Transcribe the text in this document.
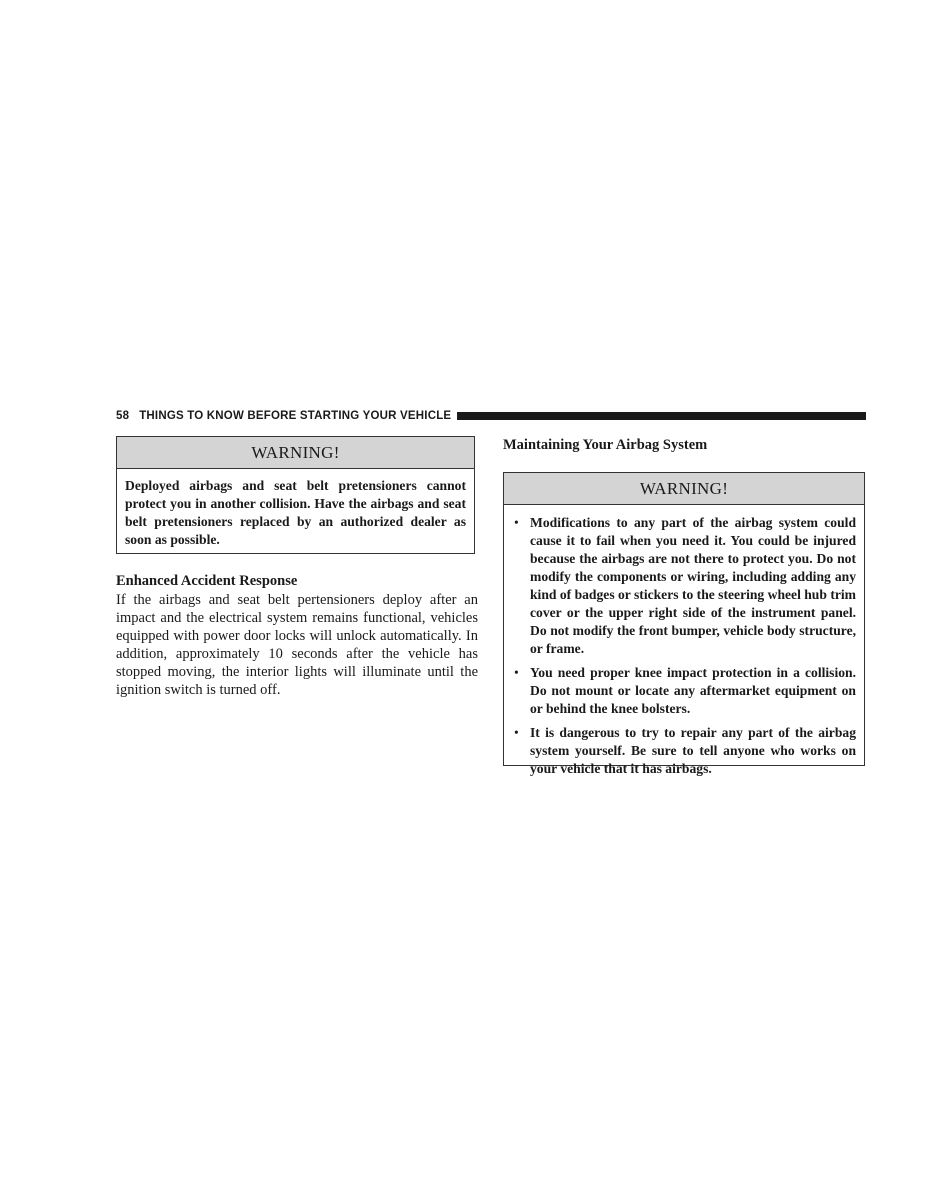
58 THINGS TO KNOW BEFORE STARTING YOUR VEHICLE
WARNING!
Deployed airbags and seat belt pretensioners cannot protect you in another collision. Have the airbags and seat belt pretensioners replaced by an authorized dealer as soon as possible.
Enhanced Accident Response
If the airbags and seat belt pertensioners deploy after an impact and the electrical system remains functional, vehicles equipped with power door locks will unlock automatically. In addition, approximately 10 seconds after the vehicle has stopped moving, the interior lights will illuminate until the ignition switch is turned off.
Maintaining Your Airbag System
WARNING!
• Modifications to any part of the airbag system could cause it to fail when you need it. You could be injured because the airbags are not there to protect you. Do not modify the components or wiring, including adding any kind of badges or stickers to the steering wheel hub trim cover or the upper right side of the instrument panel. Do not modify the front bumper, vehicle body structure, or frame.
• You need proper knee impact protection in a collision. Do not mount or locate any aftermarket equipment on or behind the knee bolsters.
• It is dangerous to try to repair any part of the airbag system yourself. Be sure to tell anyone who works on your vehicle that it has airbags.
